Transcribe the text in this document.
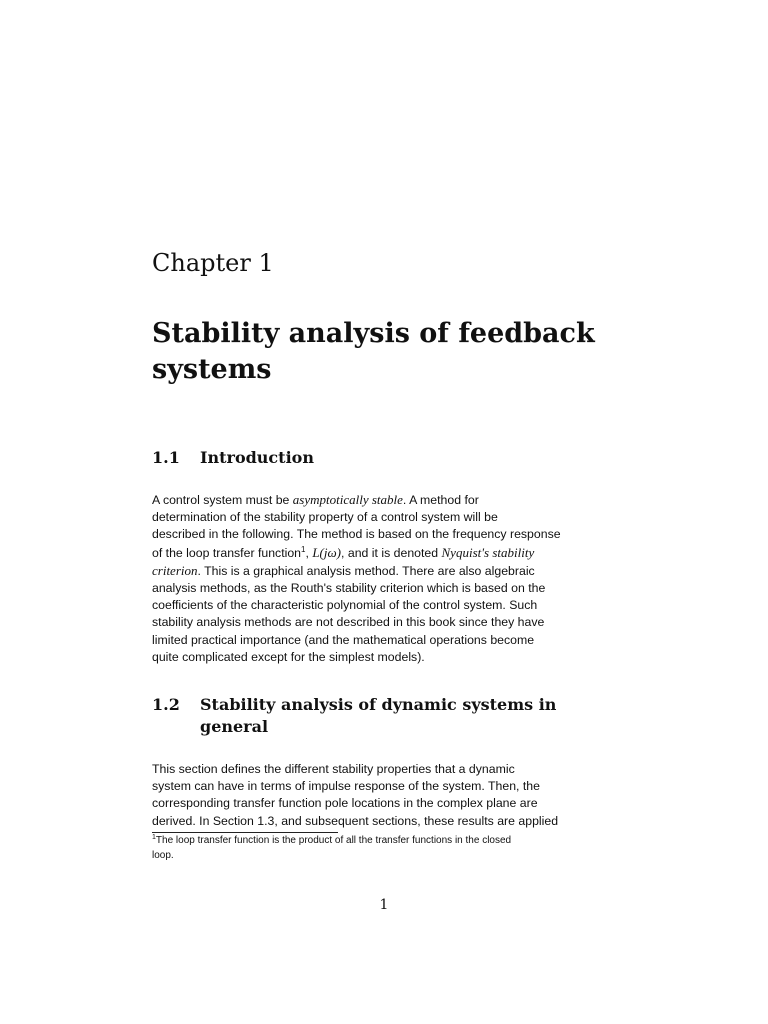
Chapter 1
Stability analysis of feedback
systems
1.1 Introduction
A control system must be asymptotically stable. A method for
determination of the stability property of a control system will be
described in the following. The method is based on the frequency response
of the loop transfer function$^1$, L(jω), and it is denoted Nyquist's stability
criterion. This is a graphical analysis method. There are also algebraic
analysis methods, as the Routh's stability criterion which is based on the
coefficients of the characteristic polynomial of the control system. Such
stability analysis methods are not described in this book since they have
limited practical importance (and the mathematical operations become
quite complicated except for the simplest models).
1.2 Stability analysis of dynamic systems in
general
This section defines the different stability properties that a dynamic
system can have in terms of impulse response of the system. Then, the
corresponding transfer function pole locations in the complex plane are
derived. In Section 1.3, and subsequent sections, these results are applied
$^1$The loop transfer function is the product of all the transfer functions in the closed
loop.
1
